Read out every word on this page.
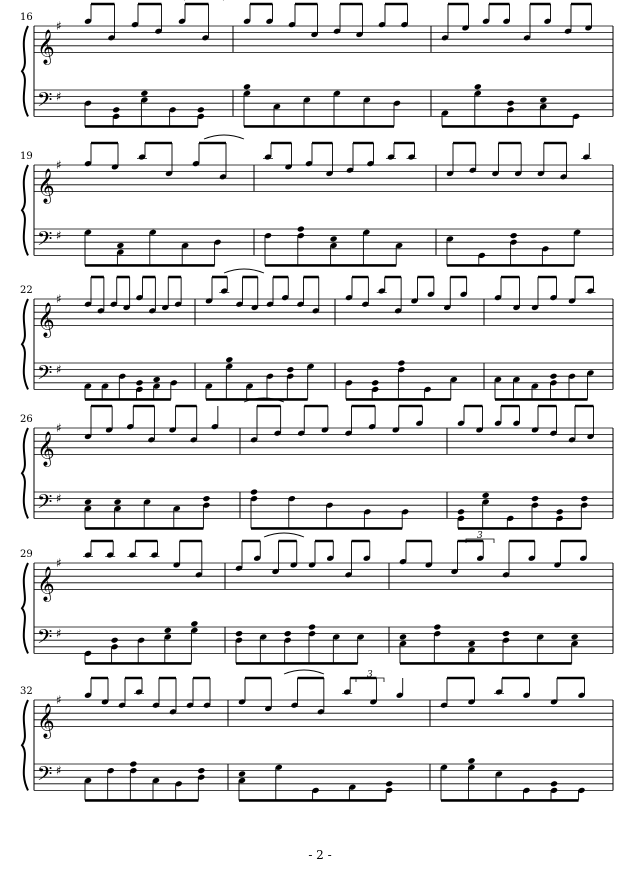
16
𝄞
𝄢
♯
♯
19
𝄞
𝄢
♯
♯
22
𝄞
𝄢
♯
♯
26
𝄞
𝄢
♯
♯
29
𝄞
𝄢
♯
♯
32
𝄞
𝄢
♯
♯
3
3
- 2 -
